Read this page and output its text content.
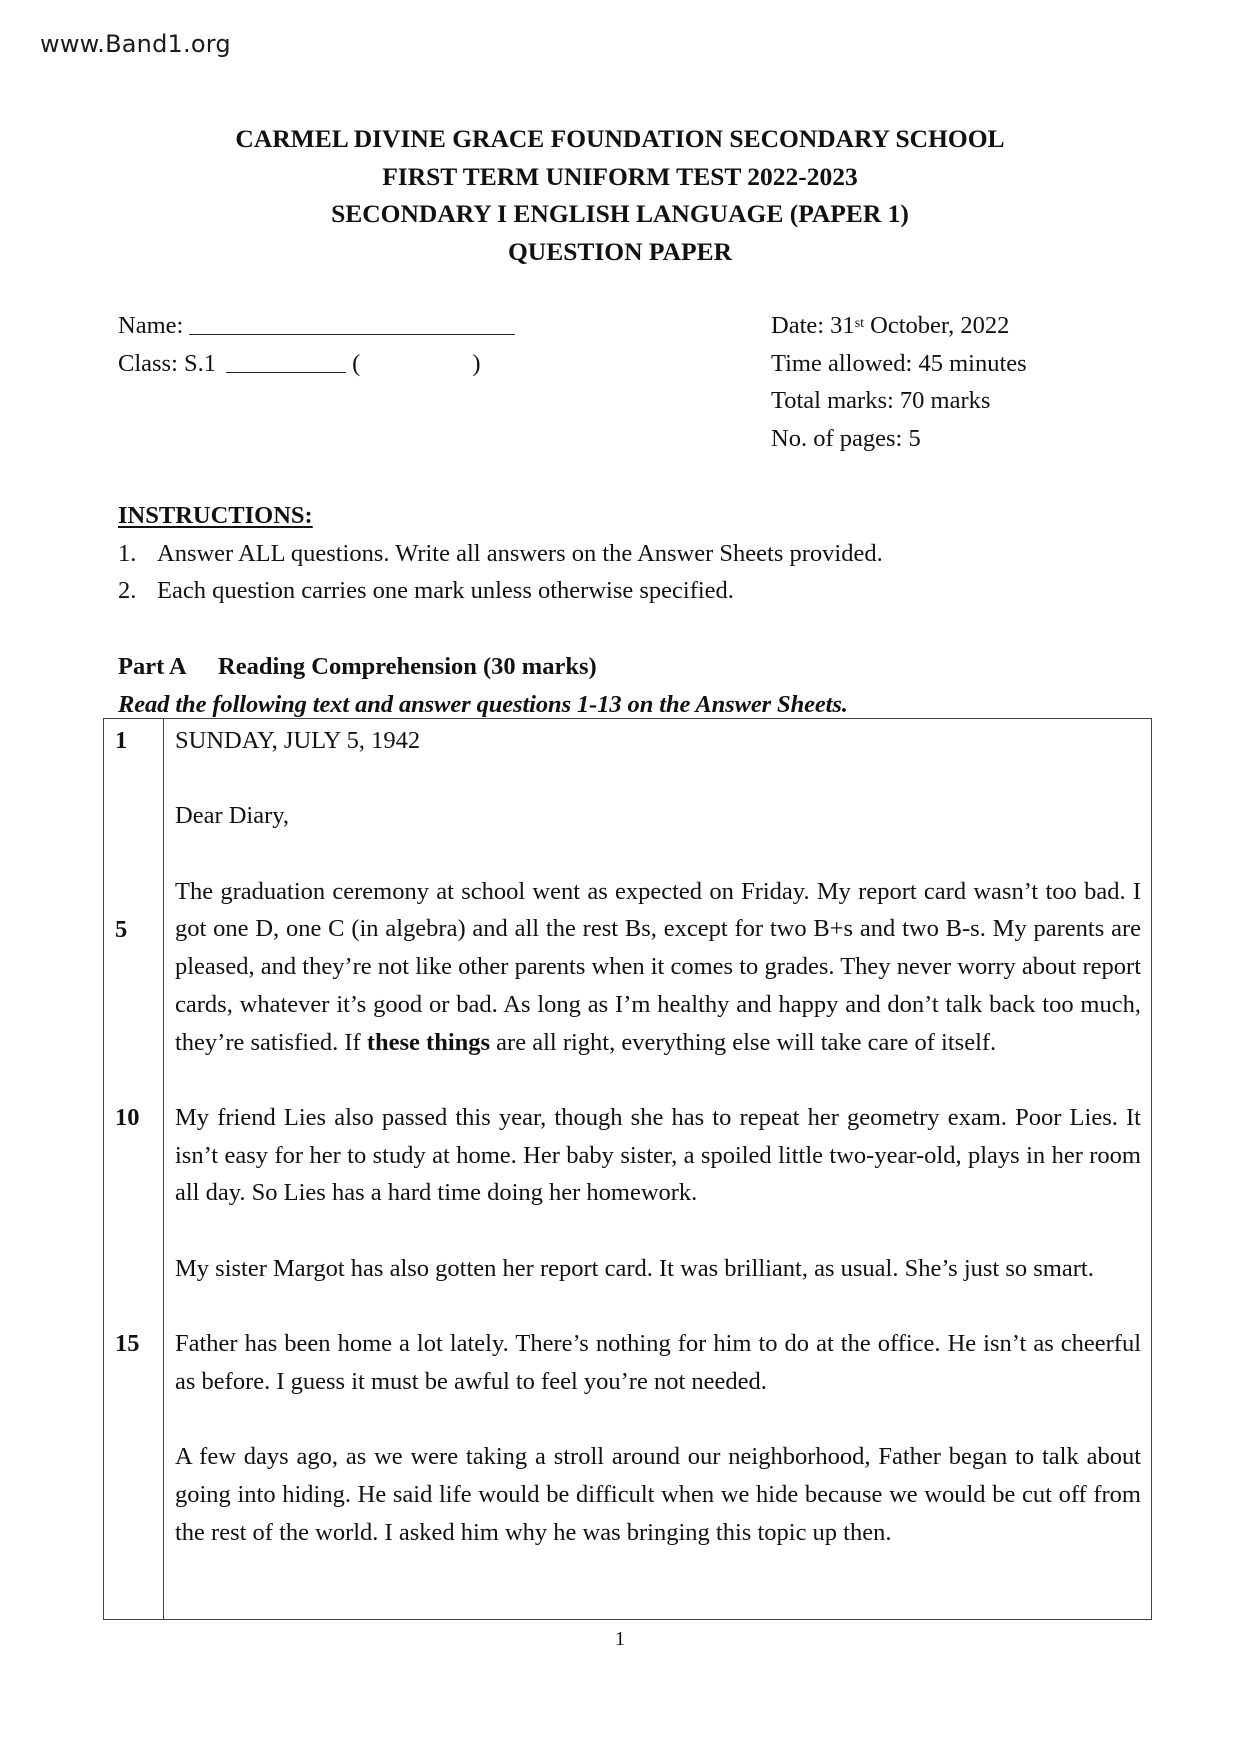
www.Band1.org
CARMEL DIVINE GRACE FOUNDATION SECONDARY SCHOOL
FIRST TERM UNIFORM TEST 2022-2023
SECONDARY I ENGLISH LANGUAGE (PAPER 1)
QUESTION PAPER
Name:
Class: S.1	(	)
Date: 31st October, 2022
Time allowed: 45 minutes
Total marks: 70 marks
No. of pages: 5
INSTRUCTIONS:
1. Answer ALL questions. Write all answers on the Answer Sheets provided.
2. Each question carries one mark unless otherwise specified.
Part A Reading Comprehension (30 marks)
Read the following text and answer questions 1-13 on the Answer Sheets.
1
5
10
15

SUNDAY, JULY 5, 1942

Dear Diary,

The graduation ceremony at school went as expected on Friday. My report card wasn’t too bad. I got one D, one C (in algebra) and all the rest Bs, except for two B+s and two B-s. My parents are pleased, and they’re not like other parents when it comes to grades. They never worry about report cards, whatever it’s good or bad. As long as I’m healthy and happy and don’t talk back too much, they’re satisfied. If these things are all right, everything else will take care of itself.

My friend Lies also passed this year, though she has to repeat her geometry exam. Poor Lies. It isn’t easy for her to study at home. Her baby sister, a spoiled little two-year-old, plays in her room all day. So Lies has a hard time doing her homework.

My sister Margot has also gotten her report card. It was brilliant, as usual. She’s just so smart.

Father has been home a lot lately. There’s nothing for him to do at the office. He isn’t as cheerful as before. I guess it must be awful to feel you’re not needed.

A few days ago, as we were taking a stroll around our neighborhood, Father began to talk about going into hiding. He said life would be difficult when we hide because we would be cut off from the rest of the world. I asked him why he was bringing this topic up then.

1
